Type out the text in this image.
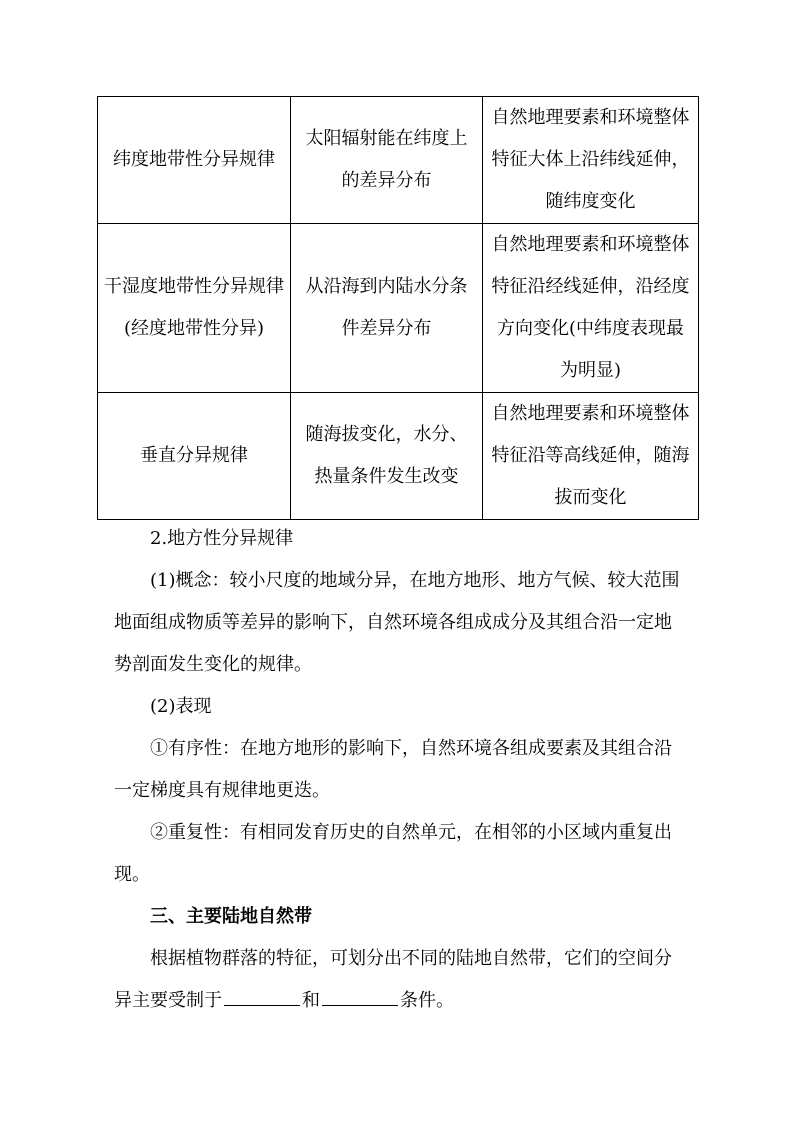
纬度地带性分异规律	太阳辐射能在纬度上的差异分布	自然地理要素和环境整体特征大体上沿纬线延伸，随纬度变化
干湿度地带性分异规律(经度地带性分异)	从沿海到内陆水分条件差异分布	自然地理要素和环境整体特征沿经线延伸，沿经度方向变化(中纬度表现最为明显)
垂直分异规律	随海拔变化，水分、热量条件发生改变	自然地理要素和环境整体特征沿等高线延伸，随海拔而变化

2.地方性分异规律

(1)概念：较小尺度的地域分异，在地方地形、地方气候、较大范围地面组成物质等差异的影响下，自然环境各组成成分及其组合沿一定地势剖面发生变化的规律。

(2)表现

①有序性：在地方地形的影响下，自然环境各组成要素及其组合沿一定梯度具有规律地更迭。

②重复性：有相同发育历史的自然单元，在相邻的小区域内重复出现。

三、主要陆地自然带

根据植物群落的特征，可划分出不同的陆地自然带，它们的空间分异主要受制于	和	条件。
